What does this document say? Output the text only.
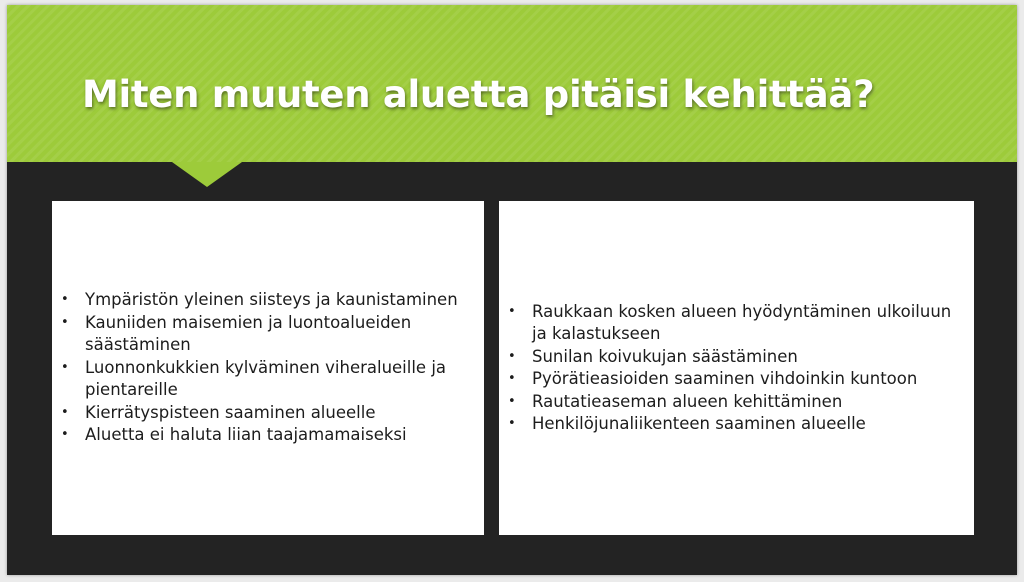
Miten muuten aluetta pitäisi kehittää?
• Ympäristön yleinen siisteys ja kaunistaminen
• Kauniiden maisemien ja luontoalueiden säästäminen
• Luonnonkukkien kylväminen viheralueille ja pientareille
• Kierrätyspisteen saaminen alueelle
• Aluetta ei haluta liian taajamamaiseksi
• Raukkaan kosken alueen hyödyntäminen ulkoiluun ja kalastukseen
• Sunilan koivukujan säästäminen
• Pyörätieasioiden saaminen vihdoinkin kuntoon
• Rautatieaseman alueen kehittäminen
• Henkilöjunaliikenteen saaminen alueelle
